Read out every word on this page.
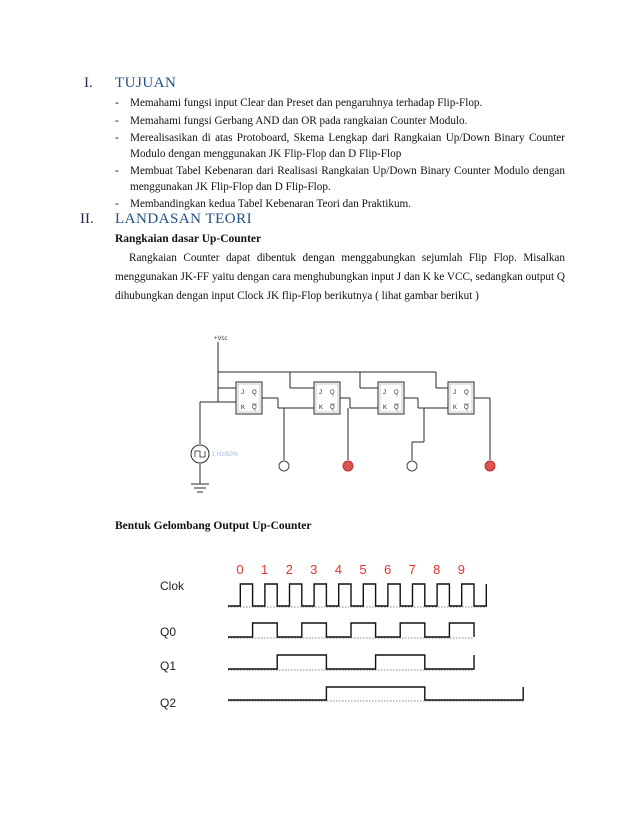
I. TUJUAN
- Memahami fungsi input Clear dan Preset dan pengaruhnya terhadap Flip-Flop.
- Memahami fungsi Gerbang AND dan OR pada rangkaian Counter Modulo.
- Merealisasikan di atas Protoboard, Skema Lengkap dari Rangkaian Up/Down Binary Counter Modulo dengan menggunakan JK Flip-Flop dan D Flip-Flop
- Membuat Tabel Kebenaran dari Realisasi Rangkaian Up/Down Binary Counter Modulo dengan menggunakan JK Flip-Flop dan D Flip-Flop.
- Membandingkan kedua Tabel Kebenaran Teori dan Praktikum.
II. LANDASAN TEORI
Rangkaian dasar Up-Counter

Rangkaian Counter dapat dibentuk dengan menggabungkan sejumlah Flip Flop. Misalkan menggunakan JK-FF yaitu dengan cara menghubungkan input J dan K ke VCC, sedangkan output Q dihubungkan dengan input Clock JK flip-Flop berikutnya ( lihat gambar berikut )

J
K
Q
Q
J
K
Q
Q
J
K
Q
Q
J
K
Q
Q
+Vcc
1 Hz/50%
Bentuk Gelombang Output Up-Counter
0 1 2 3 4 5 6 7 8 9
Clok
Q0
Q1
Q2
